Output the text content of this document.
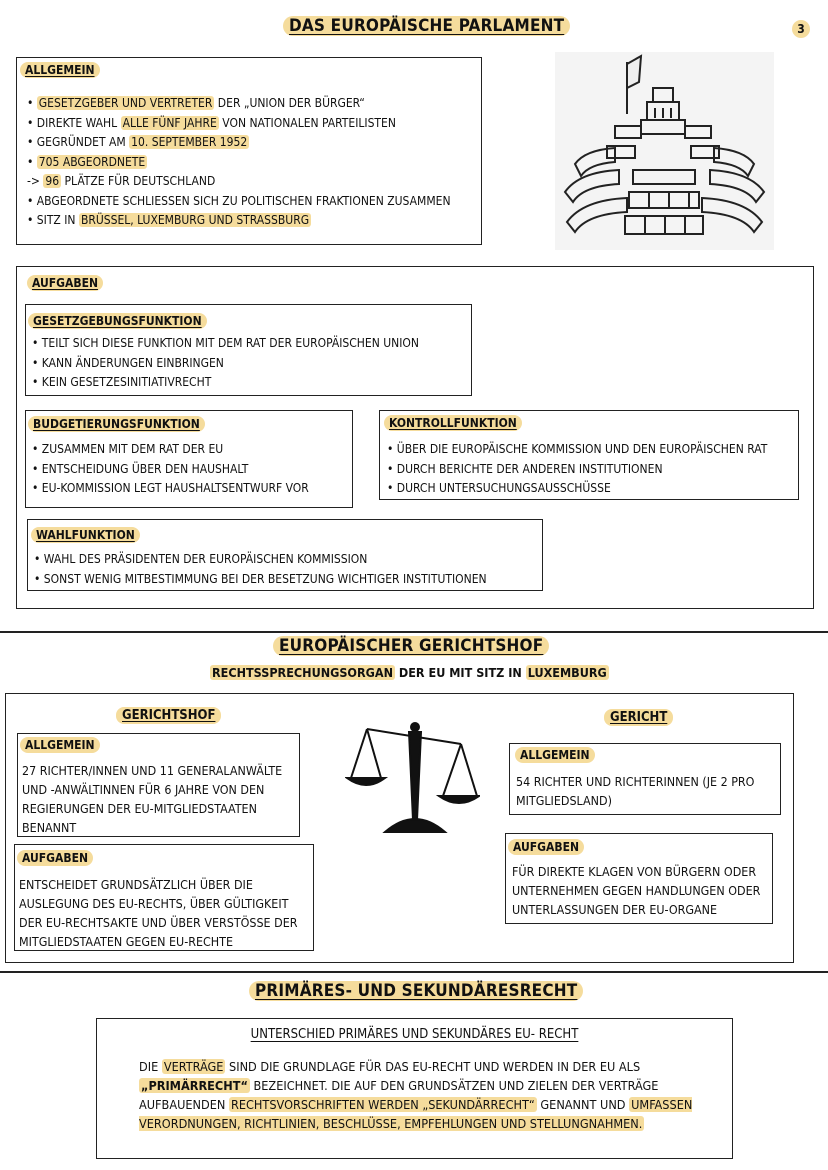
3
DAS EUROPÄISCHE PARLAMENT
ALLGEMEIN
• GESETZGEBER UND VERTRETER DER „UNION DER BÜRGER“
• DIREKTE WAHL ALLE FÜNF JAHRE VON NATIONALEN PARTEILISTEN
• GEGRÜNDET AM 10. SEPTEMBER 1952
• 705 ABGEORDNETE
-> 96 PLÄTZE FÜR DEUTSCHLAND
• ABGEORDNETE SCHLIESSEN SICH ZU POLITISCHEN FRAKTIONEN ZUSAMMEN
• SITZ IN BRÜSSEL, LUXEMBURG UND STRASSBURG
AUFGABEN
GESETZGEBUNGSFUNKTION
• TEILT SICH DIESE FUNKTION MIT DEM RAT DER EUROPÄISCHEN UNION
• KANN ÄNDERUNGEN EINBRINGEN
• KEIN GESETZESINITIATIVRECHT
BUDGETIERUNGSFUNKTION
• ZUSAMMEN MIT DEM RAT DER EU
• ENTSCHEIDUNG ÜBER DEN HAUSHALT
• EU-KOMMISSION LEGT HAUSHALTSENTWURF VOR
KONTROLLFUNKTION
• ÜBER DIE EUROPÄISCHE KOMMISSION UND DEN EUROPÄISCHEN RAT
• DURCH BERICHTE DER ANDEREN INSTITUTIONEN
• DURCH UNTERSUCHUNGSAUSSCHÜSSE
WAHLFUNKTION
• WAHL DES PRÄSIDENTEN DER EUROPÄISCHEN KOMMISSION
• SONST WENIG MITBESTIMMUNG BEI DER BESETZUNG WICHTIGER INSTITUTIONEN
EUROPÄISCHER GERICHTSHOF
RECHTSSPRECHUNGSORGAN DER EU MIT SITZ IN LUXEMBURG
GERICHTSHOF
ALLGEMEIN
27 RICHTER/INNEN UND 11 GENERALANWÄLTE UND -ANWÄLTINNEN FÜR 6 JAHRE VON DEN REGIERUNGEN DER EU-MITGLIEDSTAATEN BENANNT
AUFGABEN
ENTSCHEIDET GRUNDSÄTZLICH ÜBER DIE AUSLEGUNG DES EU-RECHTS, ÜBER GÜLTIGKEIT DER EU-RECHTSAKTE UND ÜBER VERSTÖSSE DER MITGLIEDSTAATEN GEGEN EU-RECHTE
GERICHT
ALLGEMEIN
54 RICHTER UND RICHTERINNEN (JE 2 PRO MITGLIEDSLAND)
AUFGABEN
FÜR DIREKTE KLAGEN VON BÜRGERN ODER UNTERNEHMEN GEGEN HANDLUNGEN ODER UNTERLASSUNGEN DER EU-ORGANE
PRIMÄRES- UND SEKUNDÄRESRECHT
UNTERSCHIED PRIMÄRES UND SEKUNDÄRES EU- RECHT
DIE VERTRÄGE SIND DIE GRUNDLAGE FÜR DAS EU-RECHT UND WERDEN IN DER EU ALS „PRIMÄRRECHT“ BEZEICHNET. DIE AUF DEN GRUNDSÄTZEN UND ZIELEN DER VERTRÄGE AUFBAUENDEN RECHTSVORSCHRIFTEN WERDEN „SEKUNDÄRRECHT“ GENANNT UND UMFASSEN VERORDNUNGEN, RICHTLINIEN, BESCHLÜSSE, EMPFEHLUNGEN UND STELLUNGNAHMEN.
